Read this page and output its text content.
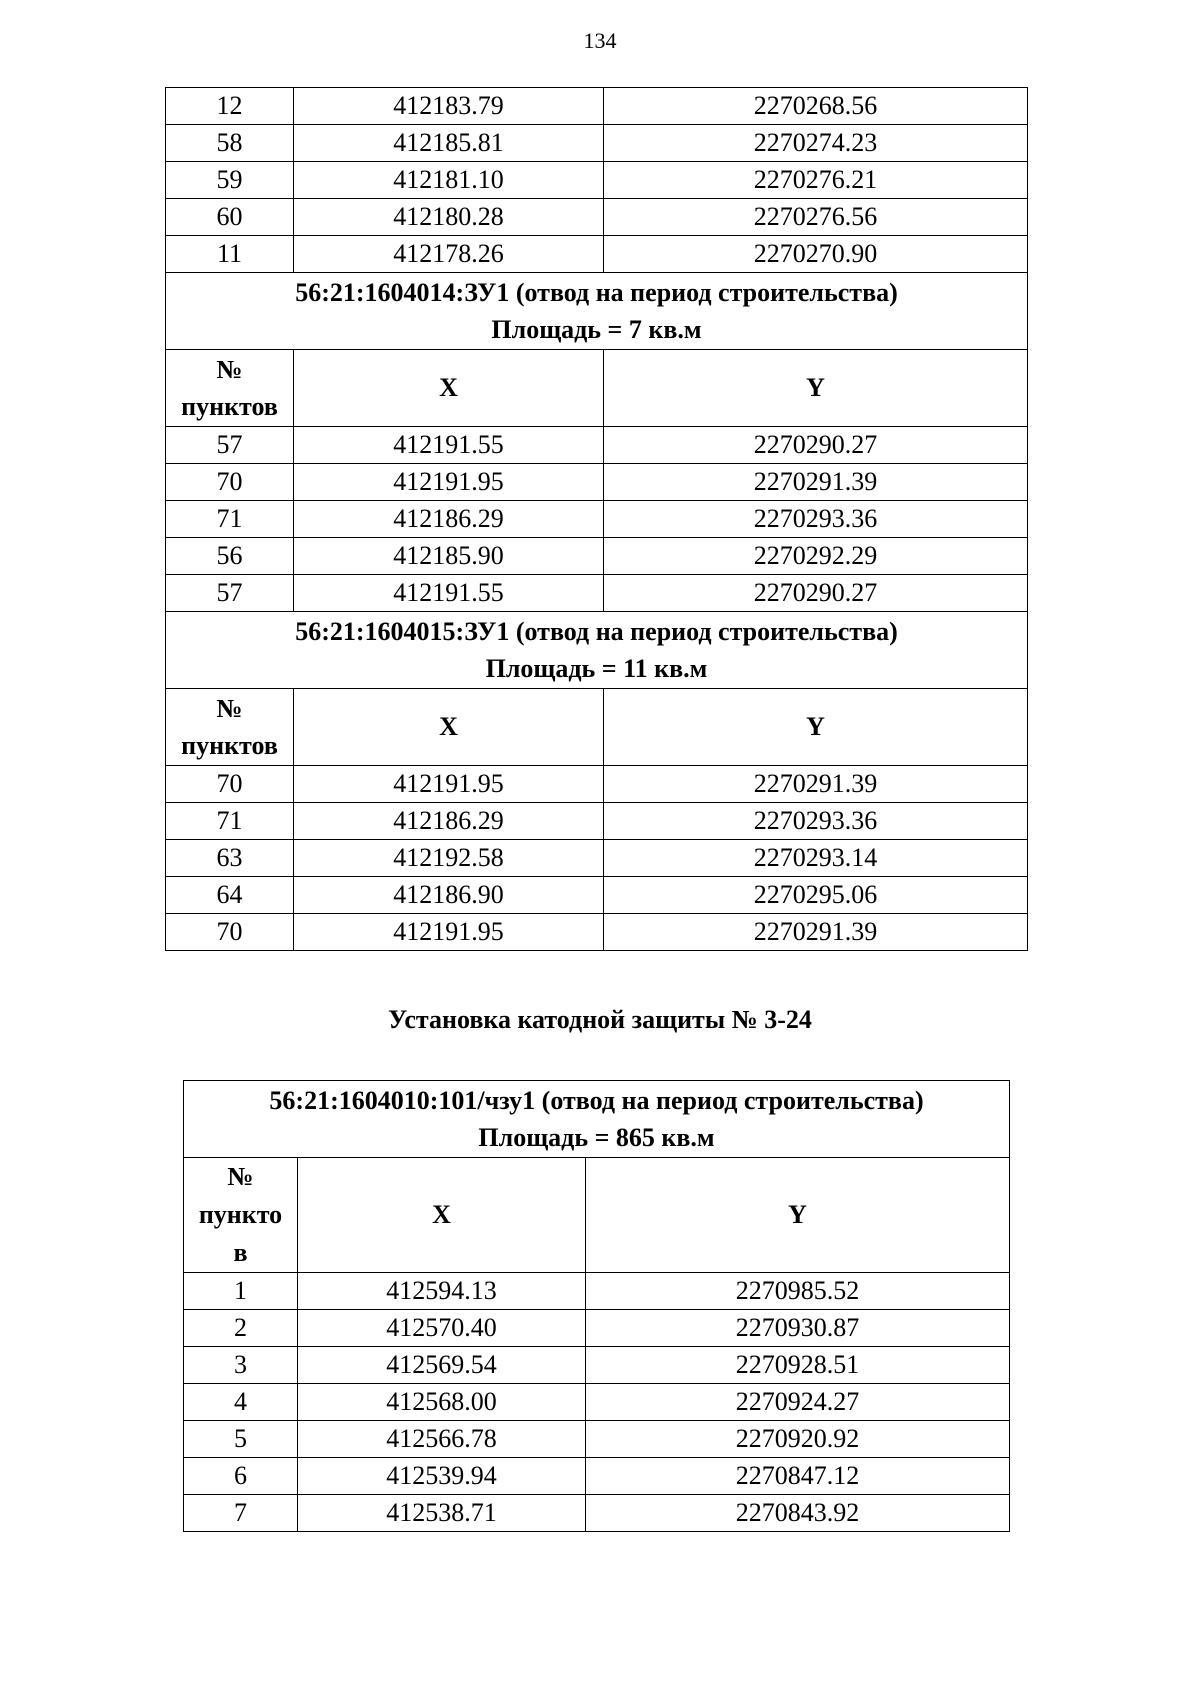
134
12	412183.79	2270268.56
58	412185.81	2270274.23
59	412181.10	2270276.21
60	412180.28	2270276.56
11	412178.26	2270270.90

56:21:1604014:ЗУ1 (отвод на период строительства)
Площадь = 7 кв.м		

№
пунктов	X	Y
57	412191.55	2270290.27
70	412191.95	2270291.39
71	412186.29	2270293.36
56	412185.90	2270292.29
57	412191.55	2270290.27

56:21:1604015:ЗУ1 (отвод на период строительства)
Площадь = 11 кв.м		

№
пунктов	X	Y
70	412191.95	2270291.39
71	412186.29	2270293.36
63	412192.58	2270293.14
64	412186.90	2270295.06
70	412191.95	2270291.39
Установка катодной защиты № 3-24
56:21:1604010:101/чзу1 (отвод на период строительства)
Площадь = 865 кв.м		

№
пункто
в	X	Y
1	412594.13	2270985.52
2	412570.40	2270930.87
3	412569.54	2270928.51
4	412568.00	2270924.27
5	412566.78	2270920.92
6	412539.94	2270847.12
7	412538.71	2270843.92
